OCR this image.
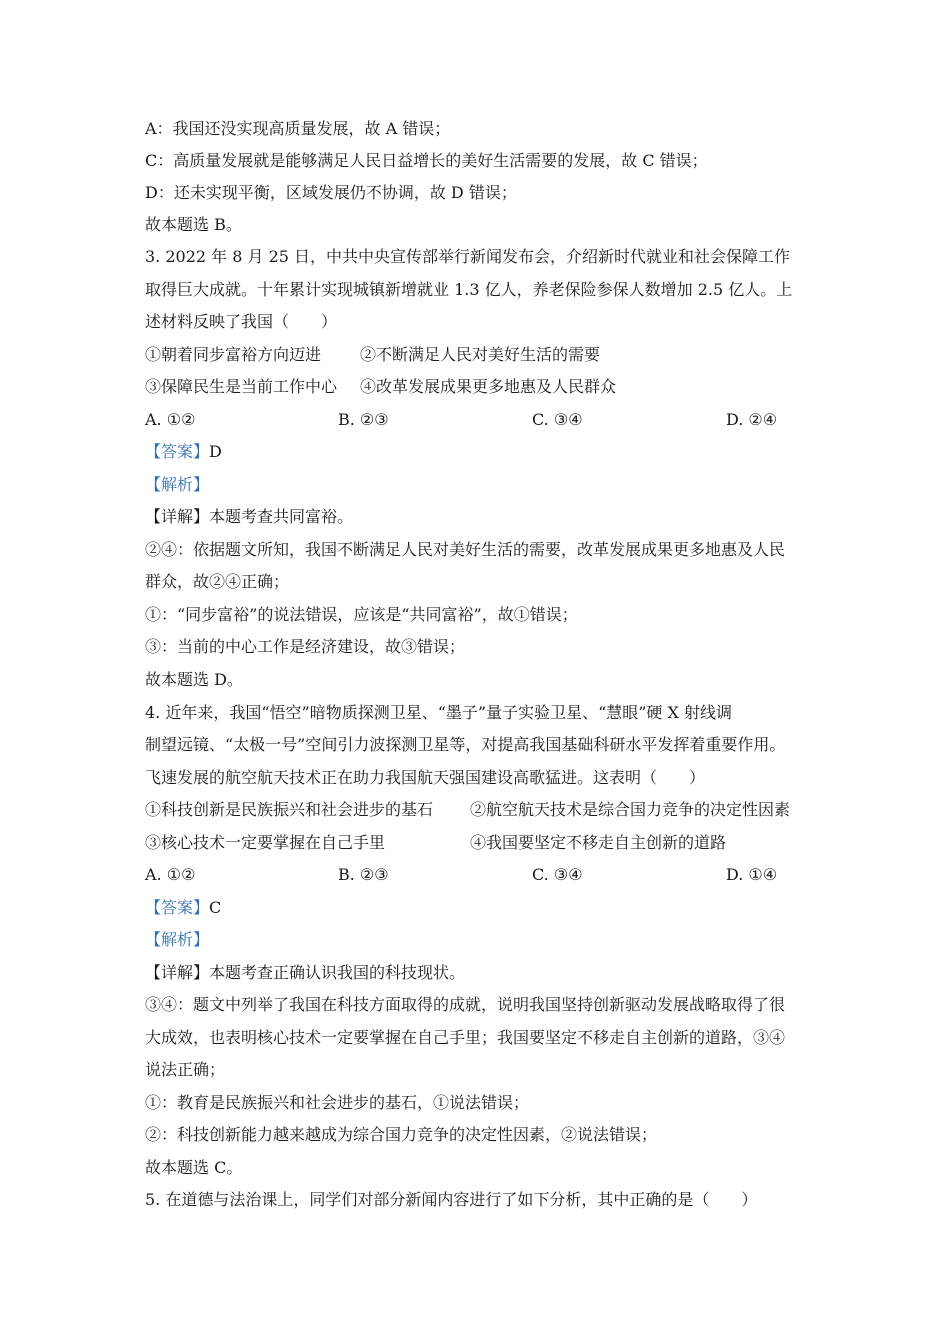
A：我国还没实现高质量发展，故 A 错误；
C：高质量发展就是能够满足人民日益增长的美好生活需要的发展，故 C 错误；
D：还未实现平衡，区域发展仍不协调，故 D 错误；
故本题选 B。
3. 2022 年 8 月 25 日，中共中央宣传部举行新闻发布会，介绍新时代就业和社会保障工作
取得巨大成就。十年累计实现城镇新增就业 1.3 亿人，养老保险参保人数增加 2.5 亿人。上
述材料反映了我国（　　）
①朝着同步富裕方向迈进 ②不断满足人民对美好生活的需要
③保障民生是当前工作中心 ④改革发展成果更多地惠及人民群众
A. ①②	B. ②③	C. ③④	D. ②④
【答案】D
【解析】
【详解】本题考查共同富裕。
②④：依据题文所知，我国不断满足人民对美好生活的需要，改革发展成果更多地惠及人民
群众，故②④正确；
①：“同步富裕”的说法错误，应该是“共同富裕”，故①错误；
③：当前的中心工作是经济建设，故③错误；
故本题选 D。
4. 近年来，我国“悟空”暗物质探测卫星、“墨子”量子实验卫星、“慧眼”硬 X 射线调
制望远镜、“太极一号”空间引力波探测卫星等，对提高我国基础科研水平发挥着重要作用。
飞速发展的航空航天技术正在助力我国航天强国建设高歌猛进。这表明（　　）
①科技创新是民族振兴和社会进步的基石 ②航空航天技术是综合国力竞争的决定性因素
③核心技术一定要掌握在自己手里	④我国要坚定不移走自主创新的道路
A. ①②	B. ②③	C. ③④	D. ①④
【答案】C
【解析】
【详解】本题考查正确认识我国的科技现状。
③④：题文中列举了我国在科技方面取得的成就，说明我国坚持创新驱动发展战略取得了很
大成效，也表明核心技术一定要掌握在自己手里；我国要坚定不移走自主创新的道路，③④
说法正确；
①：教育是民族振兴和社会进步的基石，①说法错误；
②：科技创新能力越来越成为综合国力竞争的决定性因素，②说法错误；
故本题选 C。
5. 在道德与法治课上，同学们对部分新闻内容进行了如下分析，其中正确的是（　　）
